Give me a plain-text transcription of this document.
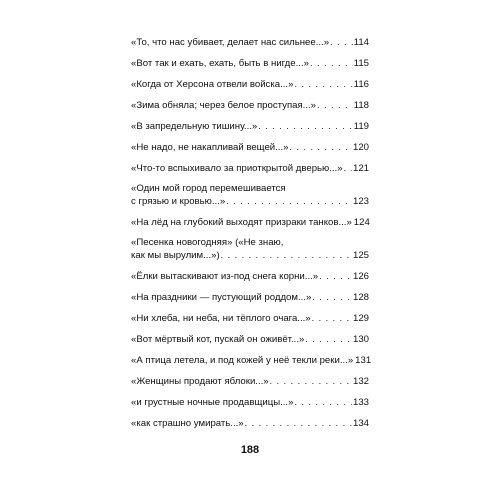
«То, что нас убивает, делает нас сильнее...» . . .	114
«Вот так и ехать, ехать, быть в нигде...» . . .	115
«Когда от Херсона отвели войска...» . . .	116
«Зима обняла; через белое проступая...» . . .	118
«В запредельную тишину...» . . .	119
«Не надо, не накапливай вещей...» . . .	120
«Что-то вспыхивало за приоткрытой дверью...» . . . 121
«Один мой город перемешивается
с грязью и кровью...» . . .	123
«На лёд на глубокий выходят призраки танков...» 124
«Песенка новогодняя» («Не знаю,
как мы вырулим...») . . .	125
«Ёлки вытаскивают из-под снега корни...» . . .	126
«На праздники — пустующий роддом...» . . .	128
«Ни хлеба, ни неба, ни тёплого очага...» . . .	129
«Вот мёртвый кот, пускай он оживёт...» . . .	130
«А птица летела, и под кожей у неё текли реки...» 131
«Женщины продают яблоки...» . . .	132
«и грустные ночные продавщицы...» . . .	133
«как страшно умирать...» . . .	134
188
